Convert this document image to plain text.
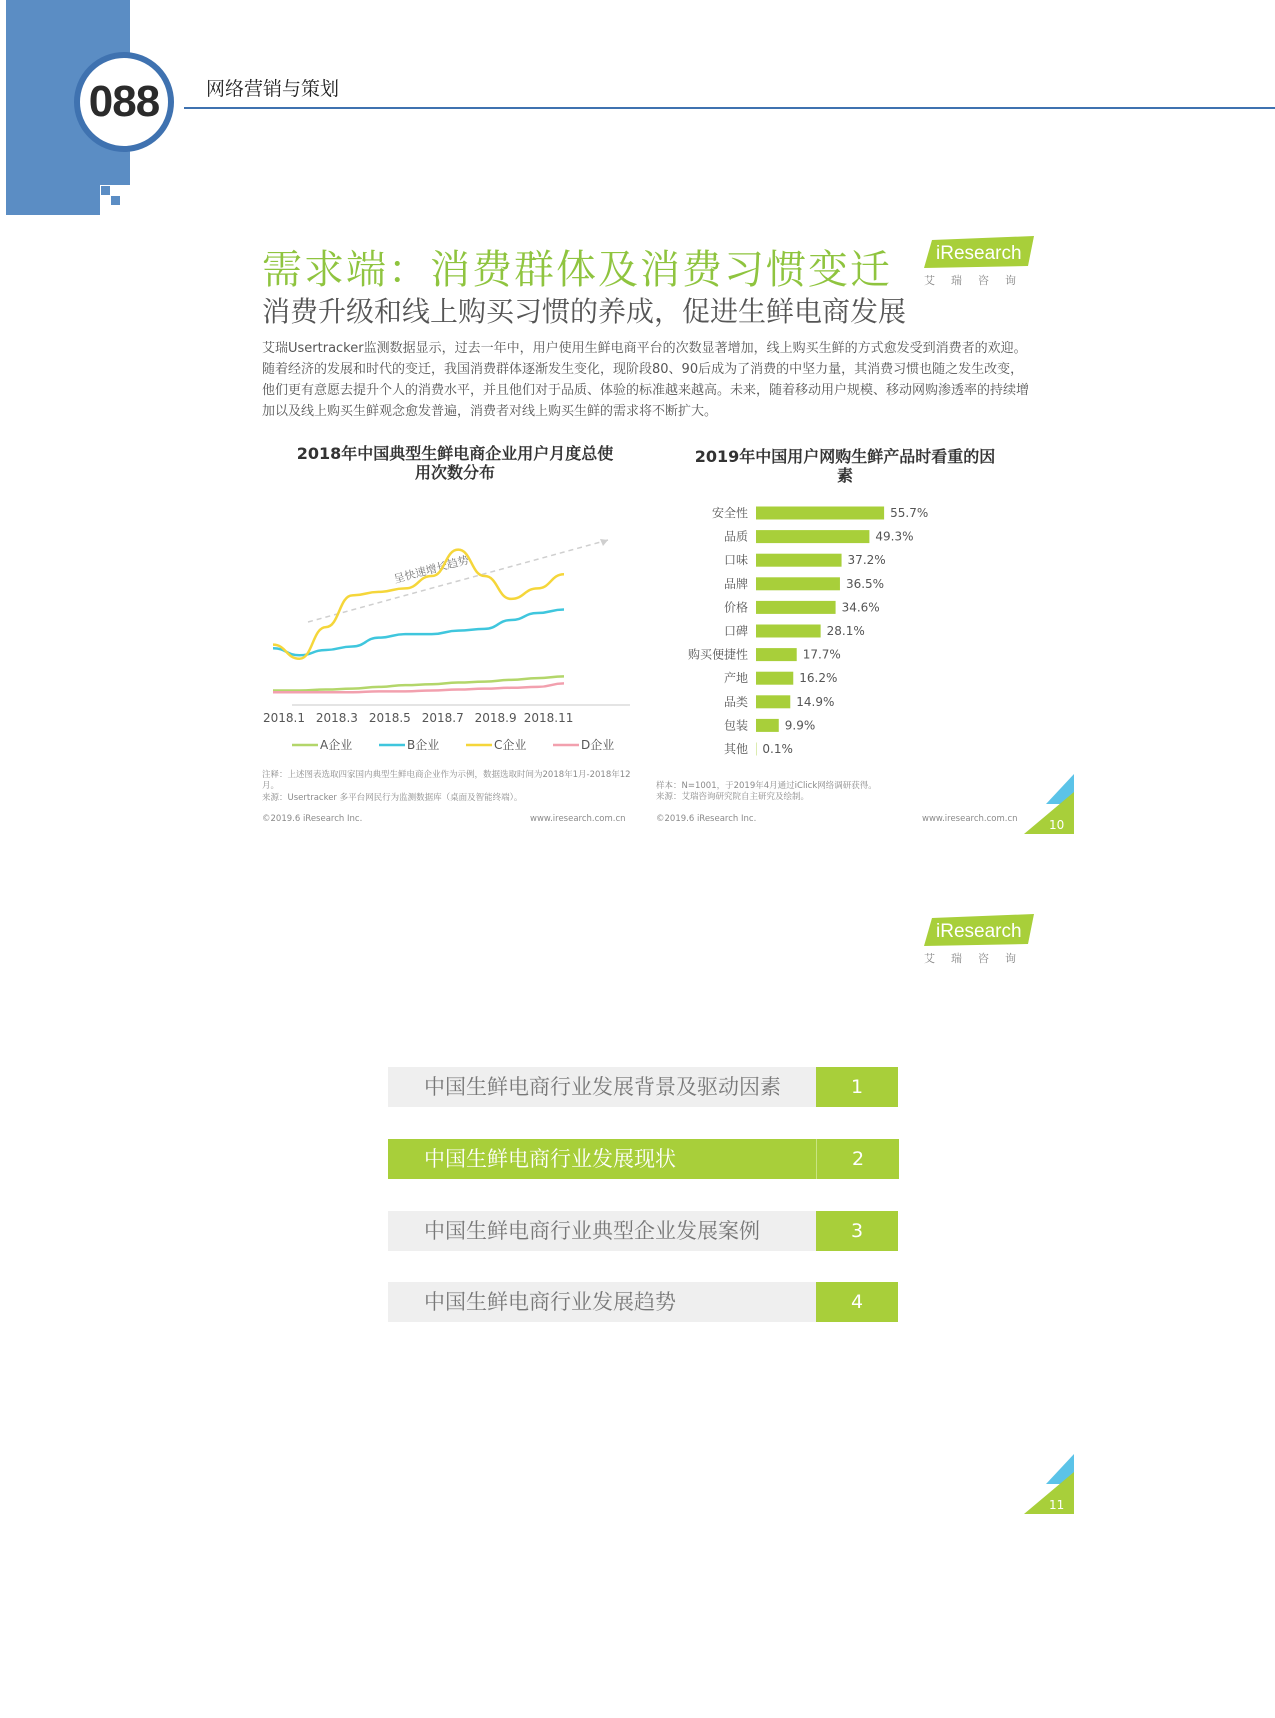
088 网络营销与策划
需求端：消费群体及消费习惯变迁
消费升级和线上购买习惯的养成，促进生鲜电商发展
iResearch
艾瑞咨询
艾瑞Usertracker监测数据显示，过去一年中，用户使用生鲜电商平台的次数显著增加，线上购买生鲜的方式愈发受到消费者的欢迎。随着经济的发展和时代的变迁，我国消费群体逐渐发生变化，现阶段80、90后成为了消费的中坚力量，其消费习惯也随之发生改变，他们更有意愿去提升个人的消费水平，并且他们对于品质、体验的标准越来越高。未来，随着移动用户规模、移动网购渗透率的持续增加以及线上购买生鲜观念愈发普遍，消费者对线上购买生鲜的需求将不断扩大。
2018年中国典型生鲜电商企业用户月度总使用次数分布
呈快速增长趋势
2018.1 2018.3 2018.5 2018.7 2018.9 2018.11
A企业	B企业	C企业	D企业
2019年中国用户网购生鲜产品时看重的因素
安全性	55.7%
品质	49.3%
口味	37.2%
品牌	36.5%
价格	34.6%
口碑	28.1%
购买便捷性	17.7%
产地	16.2%
品类	14.9%
包装	9.9%
其他 0.1%
注释：上述图表选取四家国内典型生鲜电商企业作为示例，数据选取时间为2018年1月-2018年12月。
来源：Usertracker 多平台网民行为监测数据库（桌面及智能终端）。
©2019.6 iResearch Inc.	www.iresearch.com.cn
样本：N=1001，于2019年4月通过iClick网络调研获得。
来源：艾瑞咨询研究院自主研究及绘制。
©2019.6 iResearch Inc.	www.iresearch.com.cn	10
iResearch
艾瑞咨询
中国生鲜电商行业发展背景及驱动因素	1
中国生鲜电商行业发展现状	2
中国生鲜电商行业典型企业发展案例	3
中国生鲜电商行业发展趋势	4
11
